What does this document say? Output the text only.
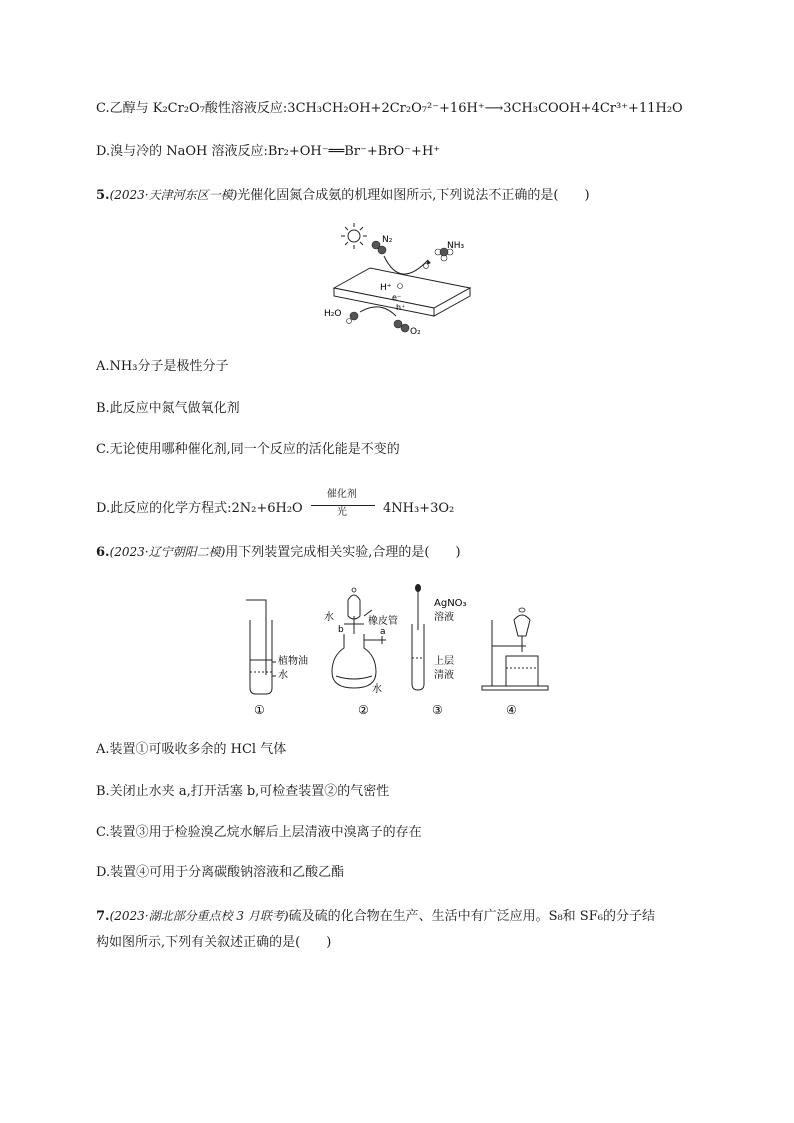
C.乙醇与 K₂Cr₂O₇酸性溶液反应:3CH₃CH₂OH+2Cr₂O₇²⁻+16H⁺⟶3CH₃COOH+4Cr³⁺+11H₂O
D.溴与冷的 NaOH 溶液反应:Br₂+OH⁻══Br⁻+BrO⁻+H⁺
5.(2023·天津河东区一模)光催化固氮合成氨的机理如图所示,下列说法不正确的是(　　)
N₂
NH₃
H⁺
e⁻
h⁺
H₂O
O₂
A.NH₃分子是极性分子
B.此反应中氮气做氧化剂
C.无论使用哪种催化剂,同一个反应的活化能是不变的
D.此反应的化学方程式:2N₂+6H₂O
催化剂
光	4NH₃+3O₂
6.(2023·辽宁朝阳二模)用下列装置完成相关实验,合理的是(　　)
植物油
水
①
水
b
橡皮管
a
水
②
AgNO₃
溶液
上层
清液
③	④
A.装置①可吸收多余的 HCl 气体
B.关闭止水夹 a,打开活塞 b,可检查装置②的气密性
C.装置③用于检验溴乙烷水解后上层清液中溴离子的存在
D.装置④可用于分离碳酸钠溶液和乙酸乙酯
7.(2023·湖北部分重点校 3 月联考)硫及硫的化合物在生产、生活中有广泛应用。S₈和 SF₆的分子结
构如图所示,下列有关叙述正确的是(　　)
